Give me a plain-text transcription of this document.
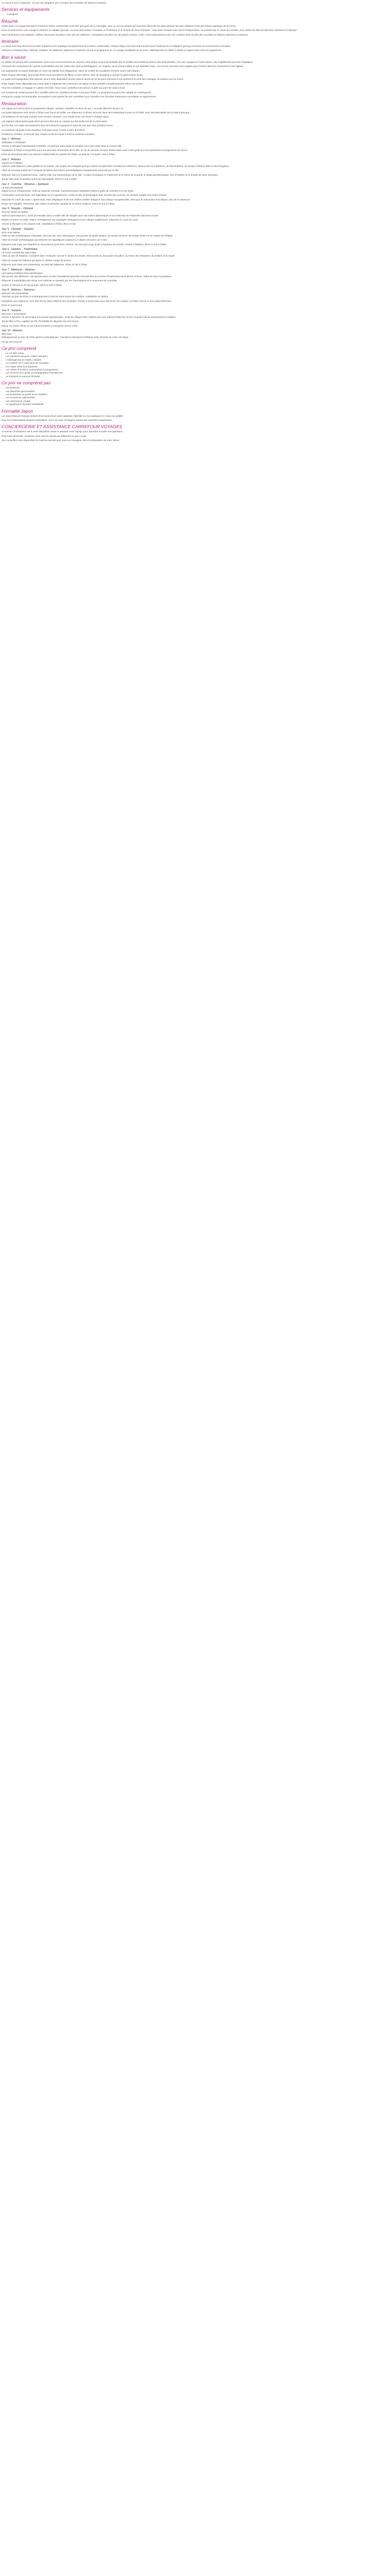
Le circuit 5 jours comprend : Un jour de navigation par l'Archipel des Cyclades de Naxos et Santorin.

Services et équipements
• Consignes
Résumé

Partez pour un voyage fascinant à travers la Grèce continentale et les îles grecques de la mer Égée, avec un circuit complet qui vous fera découvrir les sites antiques les plus célèbres et les plus beaux paysages de la Grèce.

Vous commencerez votre voyage à Athènes, la capitale grecque, où vous découvrirez l'Acropole, le Parthénon et le Temple de Zeus Olympien. Vous ferez ensuite route vers le Péloponnèse, en passant par le canal de Corinthe, pour visiter les sites de Mycènes, Épidaure et Olympie.

Vous continuerez vers Delphes, célèbre sanctuaire d'Apollon, puis vers les Météores, monastères perchés sur des pitons rocheux. Enfin, vous embarquerez pour une croisière dans les îles des Cyclades et visiterez Mykonos et Santorin.

Itinéraire

Le circuit vous fera découvrir les sites antiques et les paysages exceptionnels de la Grèce continentale. Chaque étape vous permettra de découvrir l'histoire de la civilisation grecque à travers ses monuments et musées.

Athènes, le Péloponnèse, Olympie, Delphes, les Météores, Mykonos et Santorin seront au programme de ce voyage inoubliable de 10 jours. Hébergement en hôtels 4 étoiles et repas inclus selon le programme.

Bon à savoir

Le départ est garanti dès 2 participants. Nous vous recommandons de réserver votre séjour le plus tôt possible afin de profiter des meilleurs tarifs et des disponibilités. Pour les voyages en haute saison, des suppléments peuvent s'appliquer.

Prévoyez des chaussures de marche confortables pour les visites des sites archéologiques, un chapeau, de la crème solaire et une bouteille d'eau. Les tenues correctes sont exigées pour l'entrée dans les monastères et les églises.

Les passeports ou cartes d'identité en cours de validité sont obligatoires. Merci de vérifier les conditions d'entrée avant votre départ.

Dans chaque ville étape, des temps libres vous permettront de flâner à votre rythme, faire du shopping ou goûter la gastronomie locale.

Le guide accompagnateur francophone sera à votre disposition durant toute la durée du circuit pour répondre à vos questions et vous faire partager sa passion pour la Grèce.

Notre équipe reste disponible pour vous aider à organiser des extensions de séjour ou des activités complémentaires selon vos envies.

Pour les croisières, le bagage en cabine est limité. Nous vous conseillons de prévoir un petit sac pour les nuits à bord.

Les horaires de visites peuvent être modifiés selon les conditions locales et les jours fériés. Le programme pourra être adapté en conséquence.

Assurance voyage recommandée. Renseignez-vous auprès de nos conseillers pour connaître nos formules d'assurance annulation et rapatriement.

Restauration

Les repas sont inclus selon le programme indiqué : pension complète du dîner du jour 1 au petit-déjeuner du jour 10.

Les petits-déjeuners sont servis à l'hôtel sous forme de buffet. Les déjeuners et dîners sont pris dans des restaurants locaux ou à l'hôtel, avec des spécialités de la cuisine grecque.

Les boissons ne sont pas incluses sauf mention contraire. Une carafe d'eau est servie à chaque repas.

Les régimes alimentaires particuliers peuvent être pris en compte sur demande lors de la réservation.

Sur les îles, les repas sont proposés dans des tavernes typiques en bord de mer avec des produits locaux.

Le pourboire du guide et du chauffeur n'est pas inclus, il reste à votre discrétion.

Pendant la croisière, la formule tout compris inclut les repas à bord et certaines boissons.

Jour 1 : Athènes
ARRIVÉE À ATHÈNES

Arrivée à l'aéroport international d'Athènes. Accueil par votre guide et transfert vers votre hôtel situé au centre-ville.

Installation à l'hôtel et temps libre pour une première découverte de la ville. En fin de journée, réunion d'information avec votre guide qui vous présentera le programme du circuit.

Dîner de bienvenue dans une taverne traditionnelle du quartier de Plaka, au pied de l'Acropole. Nuit à l'hôtel.

Jour 2 : Athènes
VISITE D'ATHÈNES

Après le petit-déjeuner, visite guidée de l'Acropole, site majeur de l'Antiquité grecque classé au patrimoine mondial de l'UNESCO. Découverte du Parthénon, de l'Érechthéion, du temple d'Athéna Niké et des Propylées.

Visite du nouveau musée de l'Acropole qui abrite des trésors archéologiques exceptionnels retrouvés sur le site.

Déjeuner dans un restaurant local. L'après-midi, tour panoramique de la ville : la place Syntagma, le Parlement et la relève de la garde, le stade panathénaïque, l'arc d'Hadrien et le temple de Zeus Olympien.

Temps libre dans le quartier animé de Monastiraki. Dîner et nuit à l'hôtel.

Jour 3 : Corinthe – Mycènes – Épidaure
LE PÉLOPONNÈSE

Départ vers le Péloponnèse. Arrêt au canal de Corinthe, impressionnante réalisation reliant le golfe de Corinthe à la mer Égée.

Continuation vers Mycènes, cité légendaire du roi Agamemnon. Visite du site archéologique avec la porte des Lionnes, les tombes royales et le trésor d'Atrée.

Déjeuner en cours de route. L'après-midi, visite d'Épidaure et de son célèbre théâtre antique à l'acoustique exceptionnelle, ainsi que du sanctuaire d'Asclépios, dieu de la médecine.

Route vers Nauplie, charmante ville côtière et première capitale de la Grèce moderne. Dîner et nuit à l'hôtel.

Jour 4 : Nauplie – Olympie
ROUTE VERS OLYMPIE

Après le petit-déjeuner, courte promenade dans la vieille ville de Nauplie avec ses ruelles pittoresques et sa forteresse de Palamède dominant la baie.

Départ à travers l'Arcadie, région montagneuse aux paysages verdoyants et aux villages traditionnels. Déjeuner en cours de route.

Arrivée à Olympie en fin d'après-midi. Installation à l'hôtel, dîner et nuit.

Jour 5 : Olympie – Delphes
SITE D'OLYMPIE

Visite du site archéologique d'Olympie, berceau des Jeux Olympiques. Découverte du stade antique, du temple de Zeus, du temple d'Héra et de l'atelier de Phidias.

Visite du musée archéologique qui présente de magnifiques sculptures et objets retrouvés sur le site.

Déjeuner puis route vers Delphes en traversant le pont Rion-Antirion, l'un des plus longs ponts à haubans du monde. Arrivée à Delphes, dîner et nuit à l'hôtel.

Jour 6 : Delphes – Kalambaka
LE SANCTUAIRE DE DELPHES

Visite du site de Delphes, considéré dans l'Antiquité comme le centre du monde. Découverte du sanctuaire d'Apollon, du trésor des Athéniens, du théâtre et du stade.

Visite du musée de Delphes qui abrite le célèbre Aurige de bronze.

Déjeuner puis route vers Kalambaka, au pied des Météores. Dîner et nuit à l'hôtel.

Jour 7 : Météores – Athènes
LES MONASTÈRES DES MÉTÉORES

Découverte des Météores, site spectaculaire où des monastères byzantins sont perchés au sommet d'impressionnants pitons rocheux. Visite de deux monastères.

Déjeuner à Kalambaka puis retour vers Athènes en passant par les Thermopyles et le monument de Léonidas.

Arrivée à Athènes en fin de journée. Dîner et nuit à l'hôtel.

Jour 8 : Athènes – Mykonos
DÉPART EN CROISIÈRE

Transfert au port du Pirée et embarquement à bord de votre navire de croisière. Installation en cabine.

Navigation vers Mykonos, l'une des îles les plus célèbres des Cyclades. Escale et temps libre pour découvrir ses moulins, la Petite Venise et ses ruelles blanches.

Dîner et nuit à bord.

Jour 9 : Santorin
ESCALE À SANTORIN

Arrivée à Santorin, île volcanique à la beauté spectaculaire. Visite du village d'Oia, célèbre pour ses maisons blanches et ses coupoles bleues surplombant la caldeira.

Temps libre à Fira, capitale de l'île. Possibilité de déguster les vins locaux.

Retour au navire. Dîner et nuit à bord pendant la navigation vers le Pirée.

Jour 10 : Athènes
RETOUR

Débarquement au port du Pirée après le petit-déjeuner. Transfert à l'aéroport d'Athènes selon l'horaire de votre vol retour.

Fin de nos services.

Ce prix comprend
• Le vol aller-retour
• Les transferts aéroport / hôtel / aéroport
• L'hébergement en hôtels 4 étoiles
• La croisière de 2 nuits dans les Cyclades
• Les repas selon le programme
• Les visites et entrées mentionnées au programme
• Les services d'un guide accompagnateur francophone
• Le transport en autocar climatisé
Ce prix ne comprend pas
• Les boissons
• Les dépenses personnelles
• Les pourboires au guide et au chauffeur
• Les excursions optionnelles
• Les assurances voyage
• Le supplément chambre individuelle
Formalité Japon

Les ressortissants français doivent être munis d'une carte nationale d'identité ou d'un passeport en cours de validité.

Pour les ressortissants d'autres nationalités, merci de vous renseigner auprès des autorités compétentes.

CONCIERGERIE ET ASSISTANCE CARREFOUR VOYAGES

Un service d'assistance est à votre disposition avant et pendant votre voyage pour répondre à toutes vos questions.

Pour toute demande, contactez notre service clients par téléphone ou par e-mail.

Nos conseillers sont disponibles du lundi au samedi pour vous accompagner dans la préparation de votre séjour.
